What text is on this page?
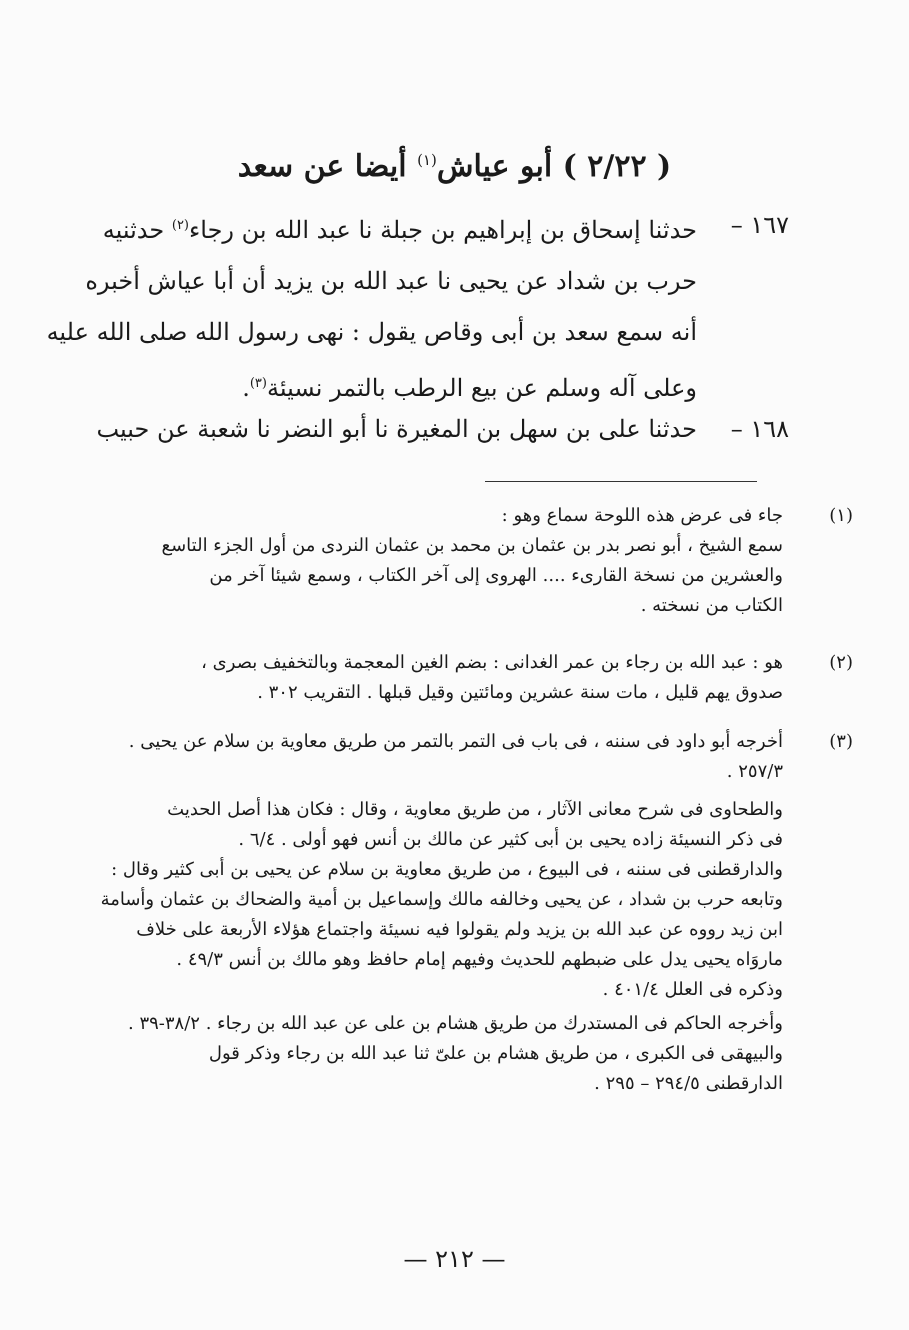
( ٢/٢٢ ) أبو عياش$^{(١)}$ أيضا عن سعد
١٦٧ –

حدثنا إسحاق بن إبراهيم بن جبلة نا عبد الله بن رجاء$^{(٢)}$ حدثنيه

حرب بن شداد عن يحيى نا عبد الله بن يزيد أن أبا عياش أخبره

أنه سمع سعد بن أبى وقاص يقول : نهى رسول الله صلى الله عليه

وعلى آله وسلم عن بيع الرطب بالتمر نسيئة$^{(٣)}$.

١٦٨ –

حدثنا على بن سهل بن المغيرة نا أبو النضر نا شعبة عن حبيب

(١)

جاء فى عرض هذه اللوحة سماع وهو :

سمع الشيخ ، أبو نصر بدر بن عثمان بن محمد بن عثمان النردى من أول الجزء التاسع

والعشرين من نسخة القارىء .... الهروى إلى آخر الكتاب ، وسمع شيئا آخر من

الكتاب من نسخته .

(٢)

هو : عبد الله بن رجاء بن عمر الغدانى : بضم الغين المعجمة وبالتخفيف بصرى ،

صدوق يهم قليل ، مات سنة عشرين ومائتين وقيل قبلها . التقريب ٣٠٢ .

(٣)

أخرجه أبو داود فى سننه ، فى باب فى التمر بالتمر من طريق معاوية بن سلام عن يحيى .

٢٥٧/٣ .

والطحاوى فى شرح معانى الآثار ، من طريق معاوية ، وقال : فكان هذا أصل الحديث

فى ذكر النسيئة زاده يحيى بن أبى كثير عن مالك بن أنس فهو أولى . ٦/٤ .

والدارقطنى فى سننه ، فى البيوع ، من طريق معاوية بن سلام عن يحيى بن أبى كثير وقال :

وتابعه حرب بن شداد ، عن يحيى وخالفه مالك وإسماعيل بن أمية والضحاك بن عثمان وأسامة

ابن زيد رووه عن عبد الله بن يزيد ولم يقولوا فيه نسيئة واجتماع هؤلاء الأربعة على خلاف

ماروَاه يحيى يدل على ضبطهم للحديث وفيهم إمام حافظ وهو مالك بن أنس ٤٩/٣ .

وذكره فى العلل ٤٠١/٤ .

وأخرجه الحاكم فى المستدرك من طريق هشام بن على عن عبد الله بن رجاء . ٣٨/٢-٣٩ .

والبيهقى فى الكبرى ، من طريق هشام بن علىّ ثنا عبد الله بن رجاء وذكر قول

الدارقطنى ٢٩٤/٥ – ٢٩٥ .

— ٢١٢ —
